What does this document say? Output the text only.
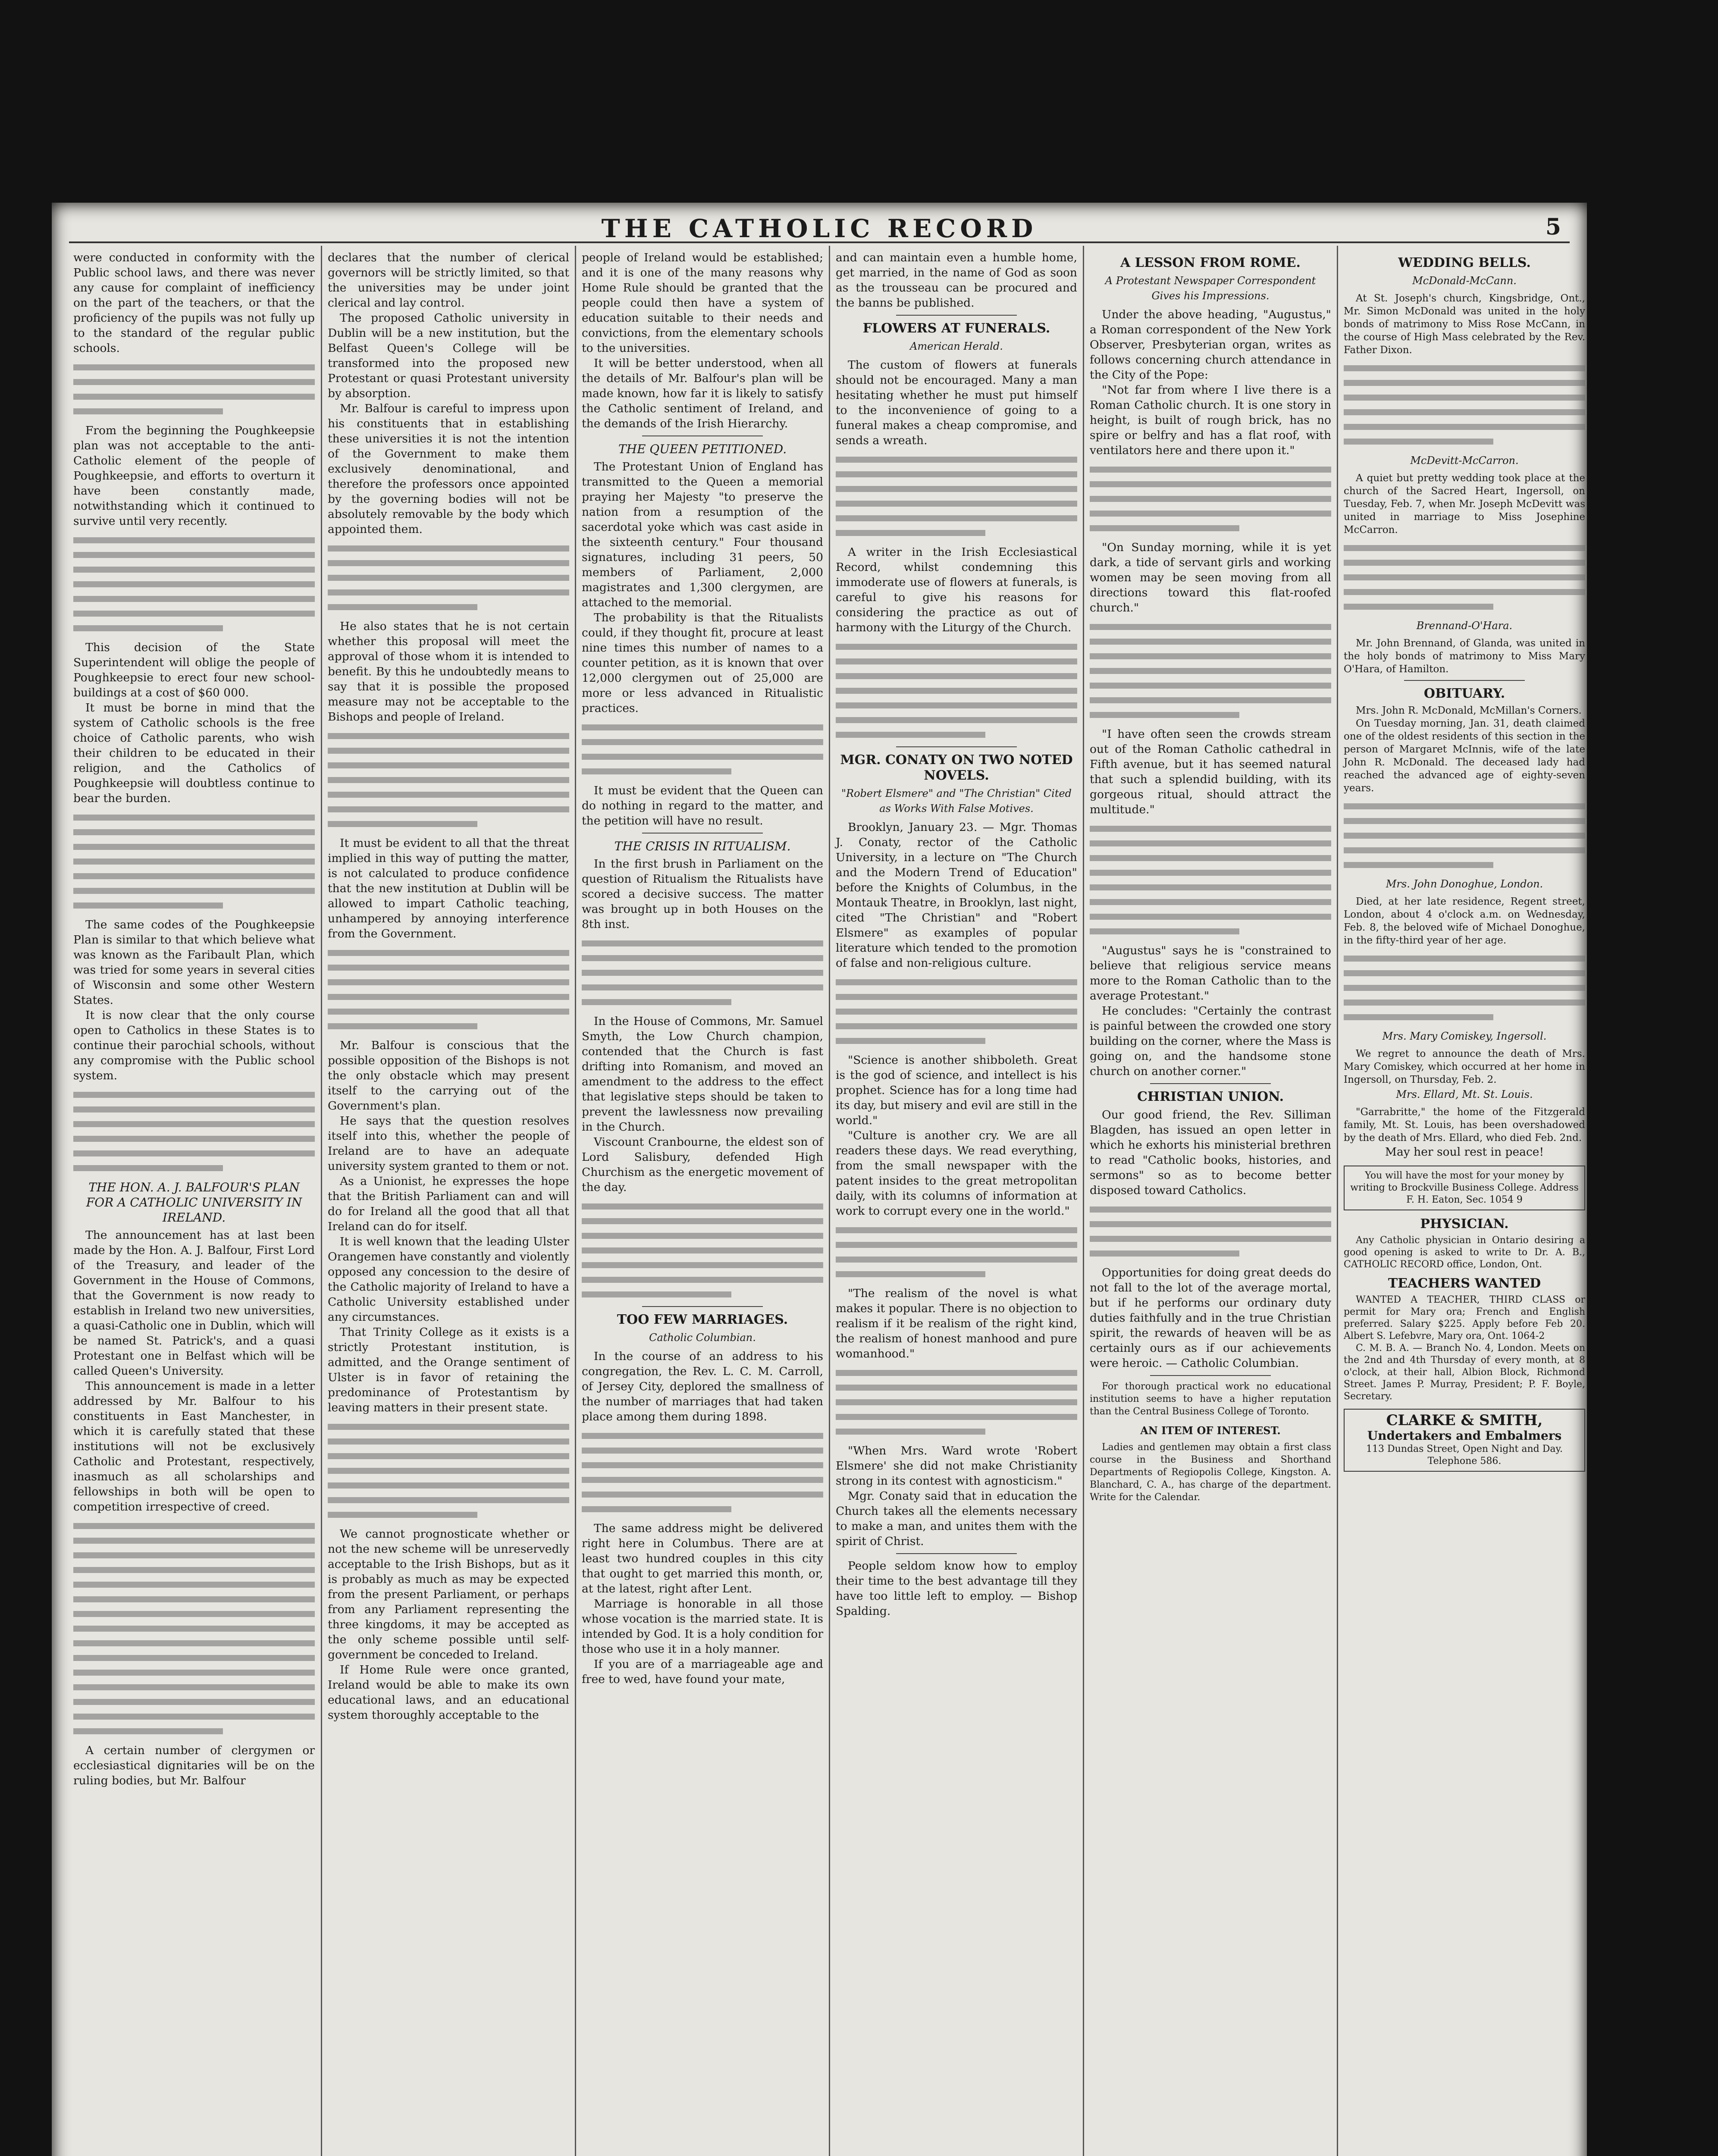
THE CATHOLIC RECORD	5

were conducted in conformity with the Public school laws, and there was never any cause for complaint of inefficiency on the part of the teachers, or that the proficiency of the pupils was not fully up to the standard of the regular public schools.

From the beginning the Poughkeepsie plan was not acceptable to the anti-Catholic element of the people of Poughkeepsie, and efforts to overturn it have been constantly made, notwithstanding which it continued to survive until very recently.

This decision of the State Superintendent will oblige the people of Poughkeepsie to erect four new school-buildings at a cost of $60 000.

It must be borne in mind that the system of Catholic schools is the free choice of Catholic parents, who wish their children to be educated in their religion, and the Catholics of Poughkeepsie will doubtless continue to bear the burden.

The same codes of the Poughkeepsie Plan is similar to that which believe what was known as the Faribault Plan, which was tried for some years in several cities of Wisconsin and some other Western States.

It is now clear that the only course open to Catholics in these States is to continue their parochial schools, without any compromise with the Public school system.

THE HON. A. J. BALFOUR'S PLAN FOR A CATHOLIC UNIVERSITY IN IRELAND.

The announcement has at last been made by the Hon. A. J. Balfour, First Lord of the Treasury, and leader of the Government in the House of Commons, that the Government is now ready to establish in Ireland two new universities, a quasi-Catholic one in Dublin, which will be named St. Patrick's, and a quasi Protestant one in Belfast which will be called Queen's University.

This announcement is made in a letter addressed by Mr. Balfour to his constituents in East Manchester, in which it is carefully stated that these institutions will not be exclusively Catholic and Protestant, respectively, inasmuch as all scholarships and fellowships in both will be open to competition irrespective of creed.

A certain number of clergymen or ecclesiastical dignitaries will be on the ruling bodies, but Mr. Balfour

declares that the number of clerical governors will be strictly limited, so that the universities may be under joint clerical and lay control.

The proposed Catholic university in Dublin will be a new institution, but the Belfast Queen's College will be transformed into the proposed new Protestant or quasi Protestant university by absorption.

Mr. Balfour is careful to impress upon his constituents that in establishing these universities it is not the intention of the Government to make them exclusively denominational, and therefore the professors once appointed by the governing bodies will not be absolutely removable by the body which appointed them.

He also states that he is not certain whether this proposal will meet the approval of those whom it is intended to benefit. By this he undoubtedly means to say that it is possible the proposed measure may not be acceptable to the Bishops and people of Ireland.

It must be evident to all that the threat implied in this way of putting the matter, is not calculated to produce confidence that the new institution at Dublin will be allowed to impart Catholic teaching, unhampered by annoying interference from the Government.

Mr. Balfour is conscious that the possible opposition of the Bishops is not the only obstacle which may present itself to the carrying out of the Government's plan.

He says that the question resolves itself into this, whether the people of Ireland are to have an adequate university system granted to them or not.

As a Unionist, he expresses the hope that the British Parliament can and will do for Ireland all the good that all that Ireland can do for itself.

It is well known that the leading Ulster Orangemen have constantly and violently opposed any concession to the desire of the Catholic majority of Ireland to have a Catholic University established under any circumstances.

That Trinity College as it exists is a strictly Protestant institution, is admitted, and the Orange sentiment of Ulster is in favor of retaining the predominance of Protestantism by leaving matters in their present state.

We cannot prognosticate whether or not the new scheme will be unreservedly acceptable to the Irish Bishops, but as it is probably as much as may be expected from the present Parliament, or perhaps from any Parliament representing the three kingdoms, it may be accepted as the only scheme possible until self-government be conceded to Ireland.

If Home Rule were once granted, Ireland would be able to make its own educational laws, and an educational system thoroughly acceptable to the

people of Ireland would be established; and it is one of the many reasons why Home Rule should be granted that the people could then have a system of education suitable to their needs and convictions, from the elementary schools to the universities.

It will be better understood, when all the details of Mr. Balfour's plan will be made known, how far it is likely to satisfy the Catholic sentiment of Ireland, and the demands of the Irish Hierarchy.

THE QUEEN PETITIONED.

The Protestant Union of England has transmitted to the Queen a memorial praying her Majesty "to preserve the nation from a resumption of the sacerdotal yoke which was cast aside in the sixteenth century." Four thousand signatures, including 31 peers, 50 members of Parliament, 2,000 magistrates and 1,300 clergymen, are attached to the memorial.

The probability is that the Ritualists could, if they thought fit, procure at least nine times this number of names to a counter petition, as it is known that over 12,000 clergymen out of 25,000 are more or less advanced in Ritualistic practices.

It must be evident that the Queen can do nothing in regard to the matter, and the petition will have no result.

THE CRISIS IN RITUALISM.

In the first brush in Parliament on the question of Ritualism the Ritualists have scored a decisive success. The matter was brought up in both Houses on the 8th inst.

In the House of Commons, Mr. Samuel Smyth, the Low Church champion, contended that the Church is fast drifting into Romanism, and moved an amendment to the address to the effect that legislative steps should be taken to prevent the lawlessness now prevailing in the Church.

Viscount Cranbourne, the eldest son of Lord Salisbury, defended High Churchism as the energetic movement of the day.

TOO FEW MARRIAGES.
Catholic Columbian.

In the course of an address to his congregation, the Rev. L. C. M. Carroll, of Jersey City, deplored the smallness of the number of marriages that had taken place among them during 1898.

The same address might be delivered right here in Columbus. There are at least two hundred couples in this city that ought to get married this month, or, at the latest, right after Lent.

Marriage is honorable in all those whose vocation is the married state. It is intended by God. It is a holy condition for those who use it in a holy manner.

If you are of a marriageable age and free to wed, have found your mate,

and can maintain even a humble home, get married, in the name of God as soon as the trousseau can be procured and the banns be published.

FLOWERS AT FUNERALS.
American Herald.

The custom of flowers at funerals should not be encouraged. Many a man hesitating whether he must put himself to the inconvenience of going to a funeral makes a cheap compromise, and sends a wreath.

A writer in the Irish Ecclesiastical Record, whilst condemning this immoderate use of flowers at funerals, is careful to give his reasons for considering the practice as out of harmony with the Liturgy of the Church.

MGR. CONATY ON TWO NOTED NOVELS.
"Robert Elsmere" and "The Christian" Cited as Works With False Motives.

Brooklyn, January 23. — Mgr. Thomas J. Conaty, rector of the Catholic University, in a lecture on "The Church and the Modern Trend of Education" before the Knights of Columbus, in the Montauk Theatre, in Brooklyn, last night, cited "The Christian" and "Robert Elsmere" as examples of popular literature which tended to the promotion of false and non-religious culture.

"Science is another shibboleth. Great is the god of science, and intellect is his prophet. Science has for a long time had its day, but misery and evil are still in the world."

"Culture is another cry. We are all readers these days. We read everything, from the small newspaper with the patent insides to the great metropolitan daily, with its columns of information at work to corrupt every one in the world."

"The realism of the novel is what makes it popular. There is no objection to realism if it be realism of the right kind, the realism of honest manhood and pure womanhood."

"When Mrs. Ward wrote 'Robert Elsmere' she did not make Christianity strong in its contest with agnosticism."

Mgr. Conaty said that in education the Church takes all the elements necessary to make a man, and unites them with the spirit of Christ.

People seldom know how to employ their time to the best advantage till they have too little left to employ. — Bishop Spalding.

A LESSON FROM ROME.
A Protestant Newspaper Correspondent Gives his Impressions.

Under the above heading, "Augustus," a Roman correspondent of the New York Observer, Presbyterian organ, writes as follows concerning church attendance in the City of the Pope:

"Not far from where I live there is a Roman Catholic church. It is one story in height, is built of rough brick, has no spire or belfry and has a flat roof, with ventilators here and there upon it."

"On Sunday morning, while it is yet dark, a tide of servant girls and working women may be seen moving from all directions toward this flat-roofed church."

"I have often seen the crowds stream out of the Roman Catholic cathedral in Fifth avenue, but it has seemed natural that such a splendid building, with its gorgeous ritual, should attract the multitude."

"Augustus" says he is "constrained to believe that religious service means more to the Roman Catholic than to the average Protestant."

He concludes: "Certainly the contrast is painful between the crowded one story building on the corner, where the Mass is going on, and the handsome stone church on another corner."

CHRISTIAN UNION.

Our good friend, the Rev. Silliman Blagden, has issued an open letter in which he exhorts his ministerial brethren to read "Catholic books, histories, and sermons" so as to become better disposed toward Catholics.

Opportunities for doing great deeds do not fall to the lot of the average mortal, but if he performs our ordinary duty duties faithfully and in the true Christian spirit, the rewards of heaven will be as certainly ours as if our achievements were heroic. — Catholic Columbian.

For thorough practical work no educational institution seems to have a higher reputation than the Central Business College of Toronto.

AN ITEM OF INTEREST.

Ladies and gentlemen may obtain a first class course in the Business and Shorthand Departments of Regiopolis College, Kingston. A. Blanchard, C. A., has charge of the department. Write for the Calendar.

WEDDING BELLS.
McDonald-McCann.

At St. Joseph's church, Kingsbridge, Ont., Mr. Simon McDonald was united in the holy bonds of matrimony to Miss Rose McCann, in the course of High Mass celebrated by the Rev. Father Dixon.

McDevitt-McCarron.

A quiet but pretty wedding took place at the church of the Sacred Heart, Ingersoll, on Tuesday, Feb. 7, when Mr. Joseph McDevitt was united in marriage to Miss Josephine McCarron.

Brennand-O'Hara.

Mr. John Brennand, of Glanda, was united in the holy bonds of matrimony to Miss Mary O'Hara, of Hamilton.

OBITUARY.

Mrs. John R. McDonald, McMillan's Corners.

On Tuesday morning, Jan. 31, death claimed one of the oldest residents of this section in the person of Margaret McInnis, wife of the late John R. McDonald. The deceased lady had reached the advanced age of eighty-seven years.

Mrs. John Donoghue, London.

Died, at her late residence, Regent street, London, about 4 o'clock a.m. on Wednesday, Feb. 8, the beloved wife of Michael Donoghue, in the fifty-third year of her age.

Mrs. Mary Comiskey, Ingersoll.

We regret to announce the death of Mrs. Mary Comiskey, which occurred at her home in Ingersoll, on Thursday, Feb. 2.

Mrs. Ellard, Mt. St. Louis.

"Garrabritte," the home of the Fitzgerald family, Mt. St. Louis, has been overshadowed by the death of Mrs. Ellard, who died Feb. 2nd.

May her soul rest in peace!

You will have the most for your money by writing to Brockville Business College. Address F. H. Eaton, Sec. 1054 9
PHYSICIAN.

Any Catholic physician in Ontario desiring a good opening is asked to write to Dr. A. B., CATHOLIC RECORD office, London, Ont.

TEACHERS WANTED

WANTED A TEACHER, THIRD CLASS or permit for Mary ora; French and English preferred. Salary $225. Apply before Feb 20. Albert S. Lefebvre, Mary ora, Ont. 1064-2

C. M. B. A. — Branch No. 4, London. Meets on the 2nd and 4th Thursday of every month, at 8 o'clock, at their hall, Albion Block, Richmond Street. James P. Murray, President; P. F. Boyle, Secretary.

CLARKE & SMITH,
Undertakers and Embalmers
113 Dundas Street, Open Night and Day. Telephone 586.
